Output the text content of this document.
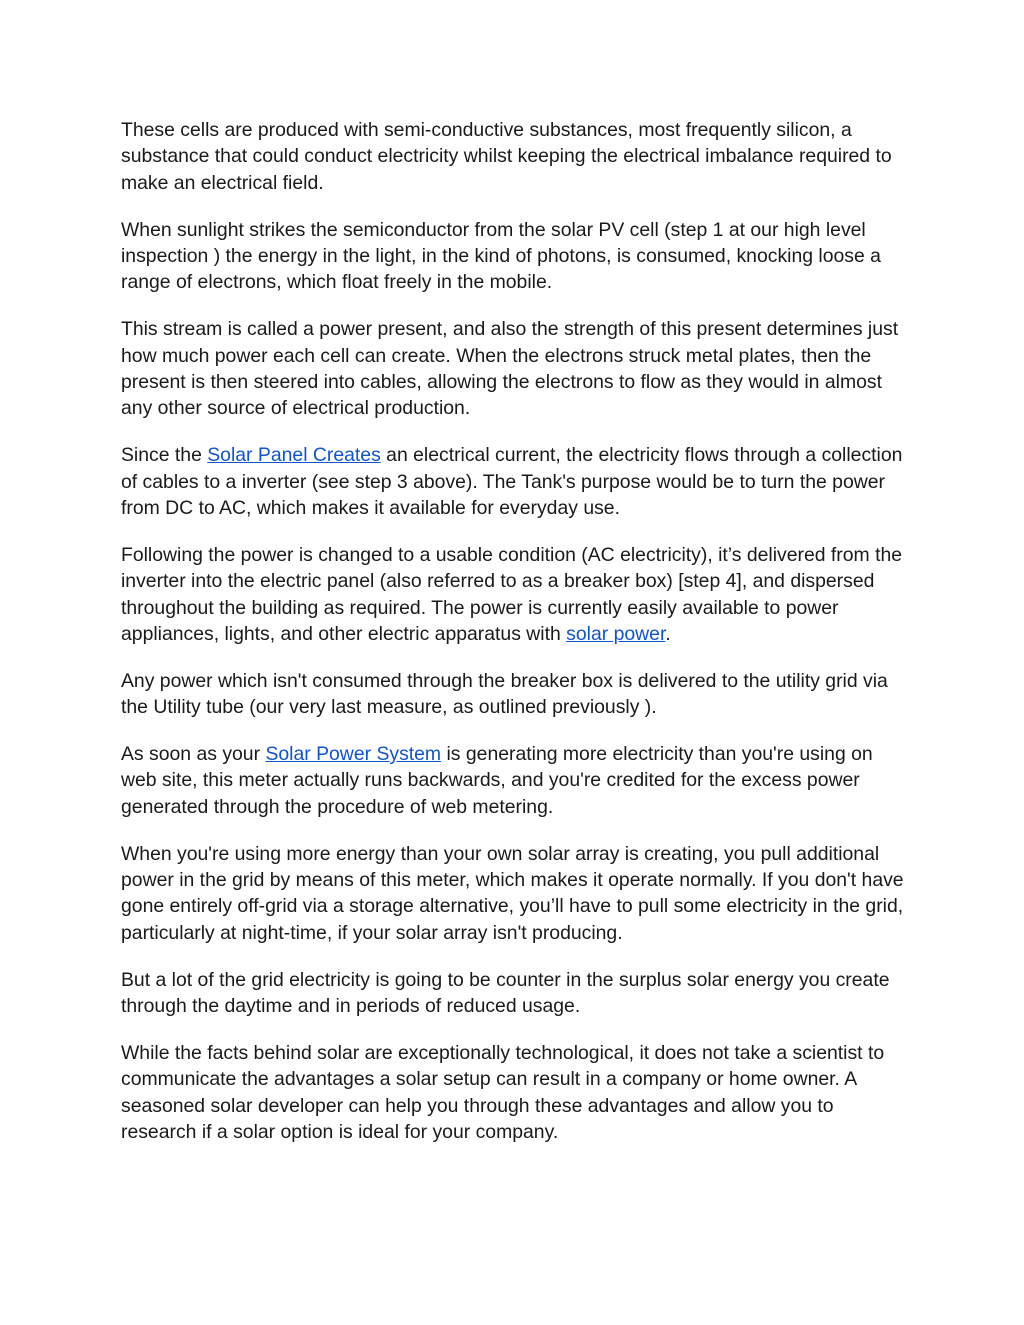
These cells are produced with semi-conductive substances, most frequently silicon, a substance that could conduct electricity whilst keeping the electrical imbalance required to make an electrical field.

When sunlight strikes the semiconductor from the solar PV cell (step 1 at our high level inspection ) the energy in the light, in the kind of photons, is consumed, knocking loose a range of electrons, which float freely in the mobile.

This stream is called a power present, and also the strength of this present determines just how much power each cell can create. When the electrons struck metal plates, then the present is then steered into cables, allowing the electrons to flow as they would in almost any other source of electrical production.

Since the Solar Panel Creates an electrical current, the electricity flows through a collection of cables to a inverter (see step 3 above). The Tank's purpose would be to turn the power from DC to AC, which makes it available for everyday use.

Following the power is changed to a usable condition (AC electricity), it’s delivered from the inverter into the electric panel (also referred to as a breaker box) [step 4], and dispersed throughout the building as required. The power is currently easily available to power appliances, lights, and other electric apparatus with solar power.

Any power which isn't consumed through the breaker box is delivered to the utility grid via the Utility tube (our very last measure, as outlined previously ).

As soon as your Solar Power System is generating more electricity than you're using on web site, this meter actually runs backwards, and you're credited for the excess power generated through the procedure of web metering.

When you're using more energy than your own solar array is creating, you pull additional power in the grid by means of this meter, which makes it operate normally. If you don't have gone entirely off-grid via a storage alternative, you’ll have to pull some electricity in the grid, particularly at night-time, if your solar array isn't producing.

But a lot of the grid electricity is going to be counter in the surplus solar energy you create through the daytime and in periods of reduced usage.

While the facts behind solar are exceptionally technological, it does not take a scientist to communicate the advantages a solar setup can result in a company or home owner. A seasoned solar developer can help you through these advantages and allow you to research if a solar option is ideal for your company.
